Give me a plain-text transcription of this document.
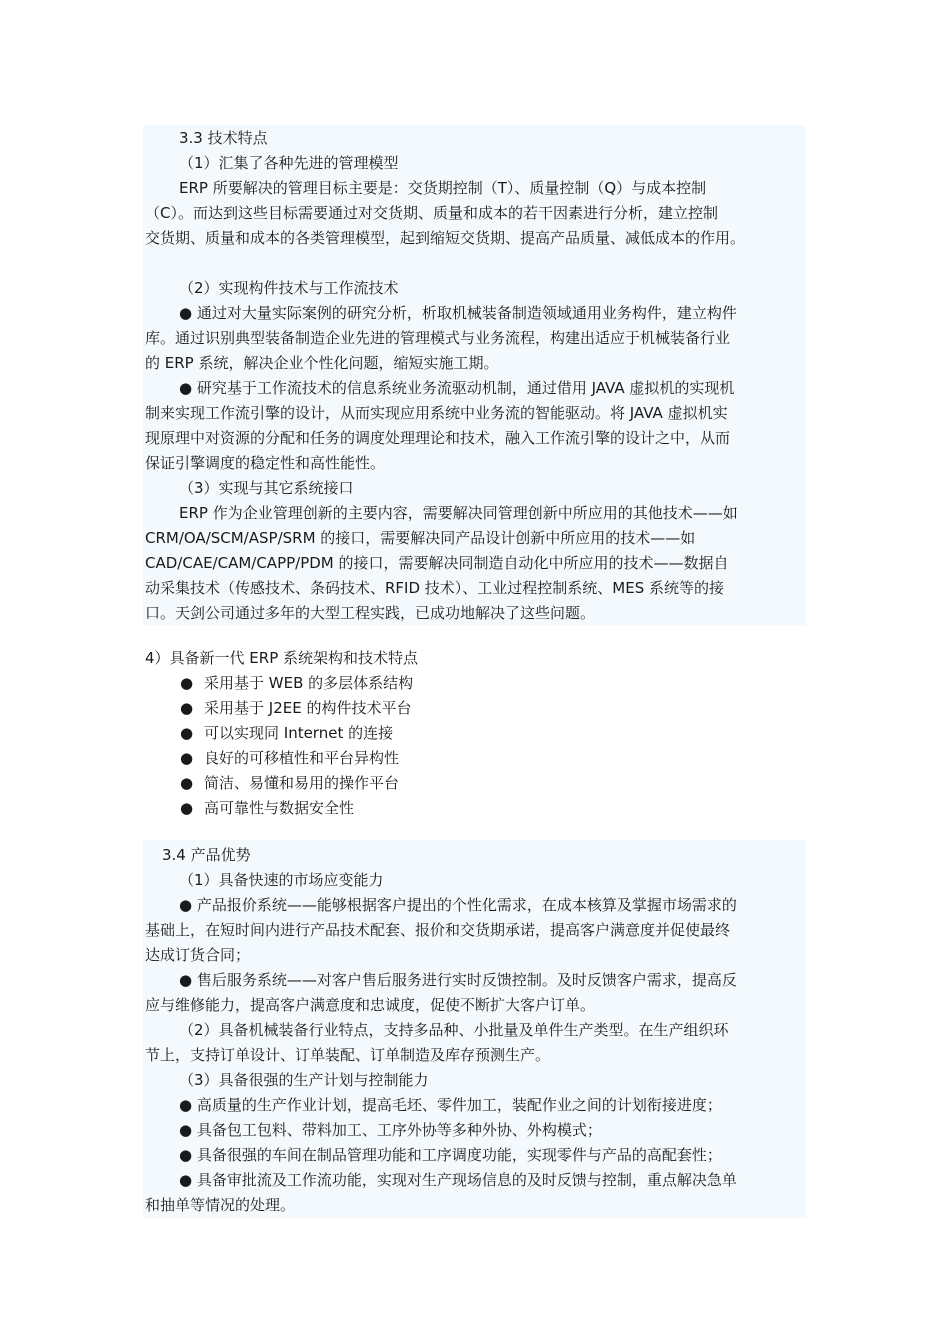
3.3 技术特点
（1）汇集了各种先进的管理模型
ERP 所要解决的管理目标主要是：交货期控制（T）、质量控制（Q）与成本控制
（C）。而达到这些目标需要通过对交货期、质量和成本的若干因素进行分析，建立控制
交货期、质量和成本的各类管理模型，起到缩短交货期、提高产品质量、减低成本的作用。
（2）实现构件技术与工作流技术
● 通过对大量实际案例的研究分析，析取机械装备制造领域通用业务构件，建立构件
库。通过识别典型装备制造企业先进的管理模式与业务流程，构建出适应于机械装备行业
的 ERP 系统，解决企业个性化问题，缩短实施工期。
● 研究基于工作流技术的信息系统业务流驱动机制，通过借用 JAVA 虚拟机的实现机
制来实现工作流引擎的设计，从而实现应用系统中业务流的智能驱动。将 JAVA 虚拟机实
现原理中对资源的分配和任务的调度处理理论和技术，融入工作流引擎的设计之中，从而
保证引擎调度的稳定性和高性能性。
（3）实现与其它系统接口
ERP 作为企业管理创新的主要内容，需要解决同管理创新中所应用的其他技术——如
CRM/OA/SCM/ASP/SRM 的接口，需要解决同产品设计创新中所应用的技术——如
CAD/CAE/CAM/CAPP/PDM 的接口，需要解决同制造自动化中所应用的技术——数据自
动采集技术（传感技术、条码技术、RFID 技术）、工业过程控制系统、MES 系统等的接
口。天剑公司通过多年的大型工程实践，已成功地解决了这些问题。
4）具备新一代 ERP 系统架构和技术特点
● 采用基于 WEB 的多层体系结构
● 采用基于 J2EE 的构件技术平台
● 可以实现同 Internet 的连接
● 良好的可移植性和平台异构性
● 简洁、易懂和易用的操作平台
● 高可靠性与数据安全性
3.4 产品优势
（1）具备快速的市场应变能力
● 产品报价系统——能够根据客户提出的个性化需求，在成本核算及掌握市场需求的
基础上，在短时间内进行产品技术配套、报价和交货期承诺，提高客户满意度并促使最终
达成订货合同；
● 售后服务系统——对客户售后服务进行实时反馈控制。及时反馈客户需求，提高反
应与维修能力，提高客户满意度和忠诚度，促使不断扩大客户订单。
（2）具备机械装备行业特点，支持多品种、小批量及单件生产类型。在生产组织环
节上，支持订单设计、订单装配、订单制造及库存预测生产。
（3）具备很强的生产计划与控制能力
● 高质量的生产作业计划，提高毛坯、零件加工，装配作业之间的计划衔接进度；
● 具备包工包料、带料加工、工序外协等多种外协、外构模式；
● 具备很强的车间在制品管理功能和工序调度功能，实现零件与产品的高配套性；
● 具备审批流及工作流功能，实现对生产现场信息的及时反馈与控制，重点解决急单
和抽单等情况的处理。
